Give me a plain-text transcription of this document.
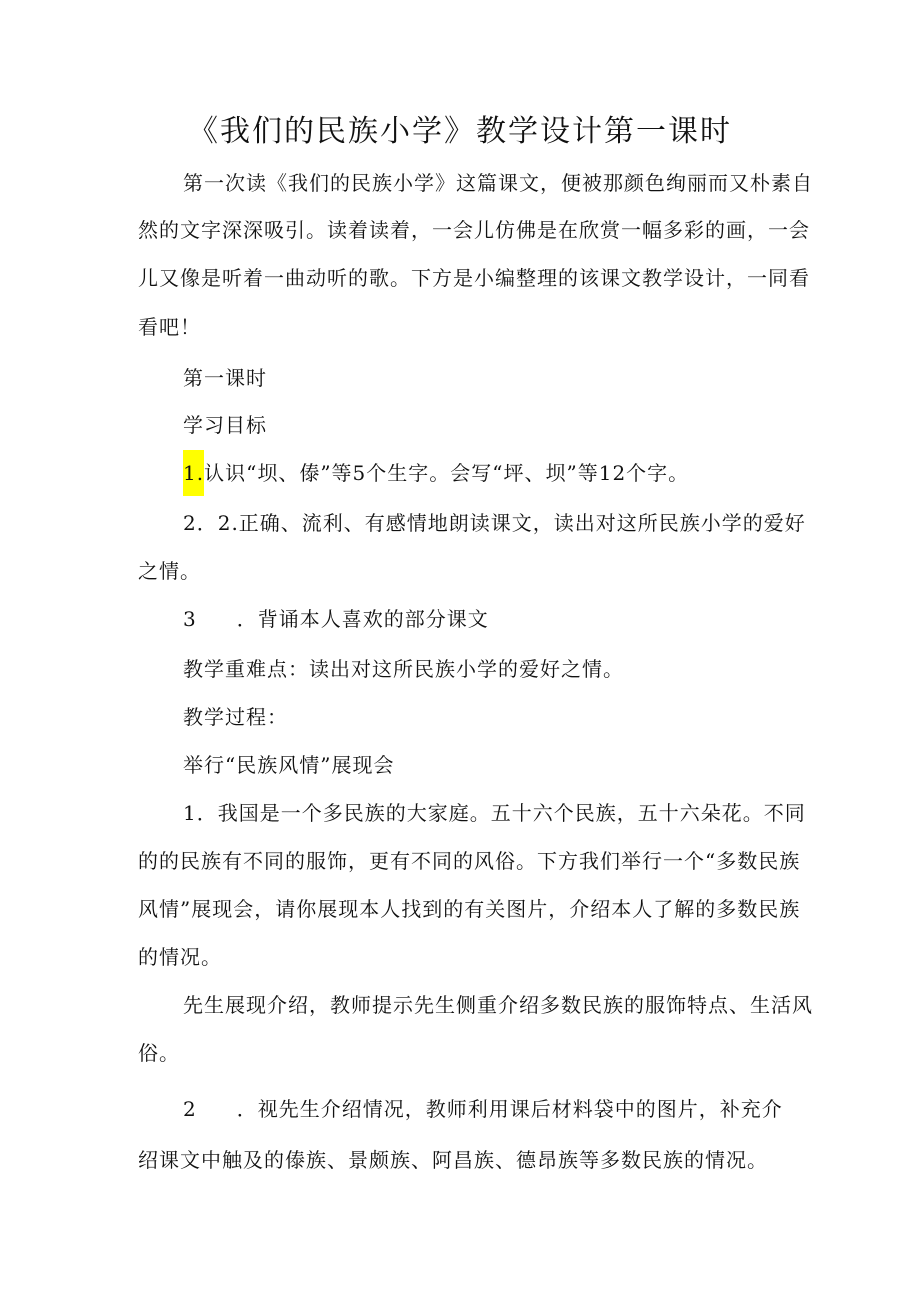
《我们的民族小学》教学设计第一课时
第一次读《我们的民族小学》这篇课文，便被那颜色绚丽而又朴素自
然的文字深深吸引。读着读着，一会儿仿佛是在欣赏一幅多彩的画，一会
儿又像是听着一曲动听的歌。下方是小编整理的该课文教学设计，一同看
看吧！
第一课时
学习目标
1.认识“坝、傣”等5个生字。会写“坪、坝”等12个字。
2．2.正确、流利、有感情地朗读课文，读出对这所民族小学的爱好
之情。
3 ．背诵本人喜欢的部分课文
教学重难点：读出对这所民族小学的爱好之情。
教学过程：
举行“民族风情”展现会
1．我国是一个多民族的大家庭。五十六个民族，五十六朵花。不同
的的民族有不同的服饰，更有不同的风俗。下方我们举行一个“多数民族
风情”展现会，请你展现本人找到的有关图片，介绍本人了解的多数民族
的情况。
先生展现介绍，教师提示先生侧重介绍多数民族的服饰特点、生活风
俗。
2 ．视先生介绍情况，教师利用课后材料袋中的图片，补充介
绍课文中触及的傣族、景颇族、阿昌族、德昂族等多数民族的情况。
